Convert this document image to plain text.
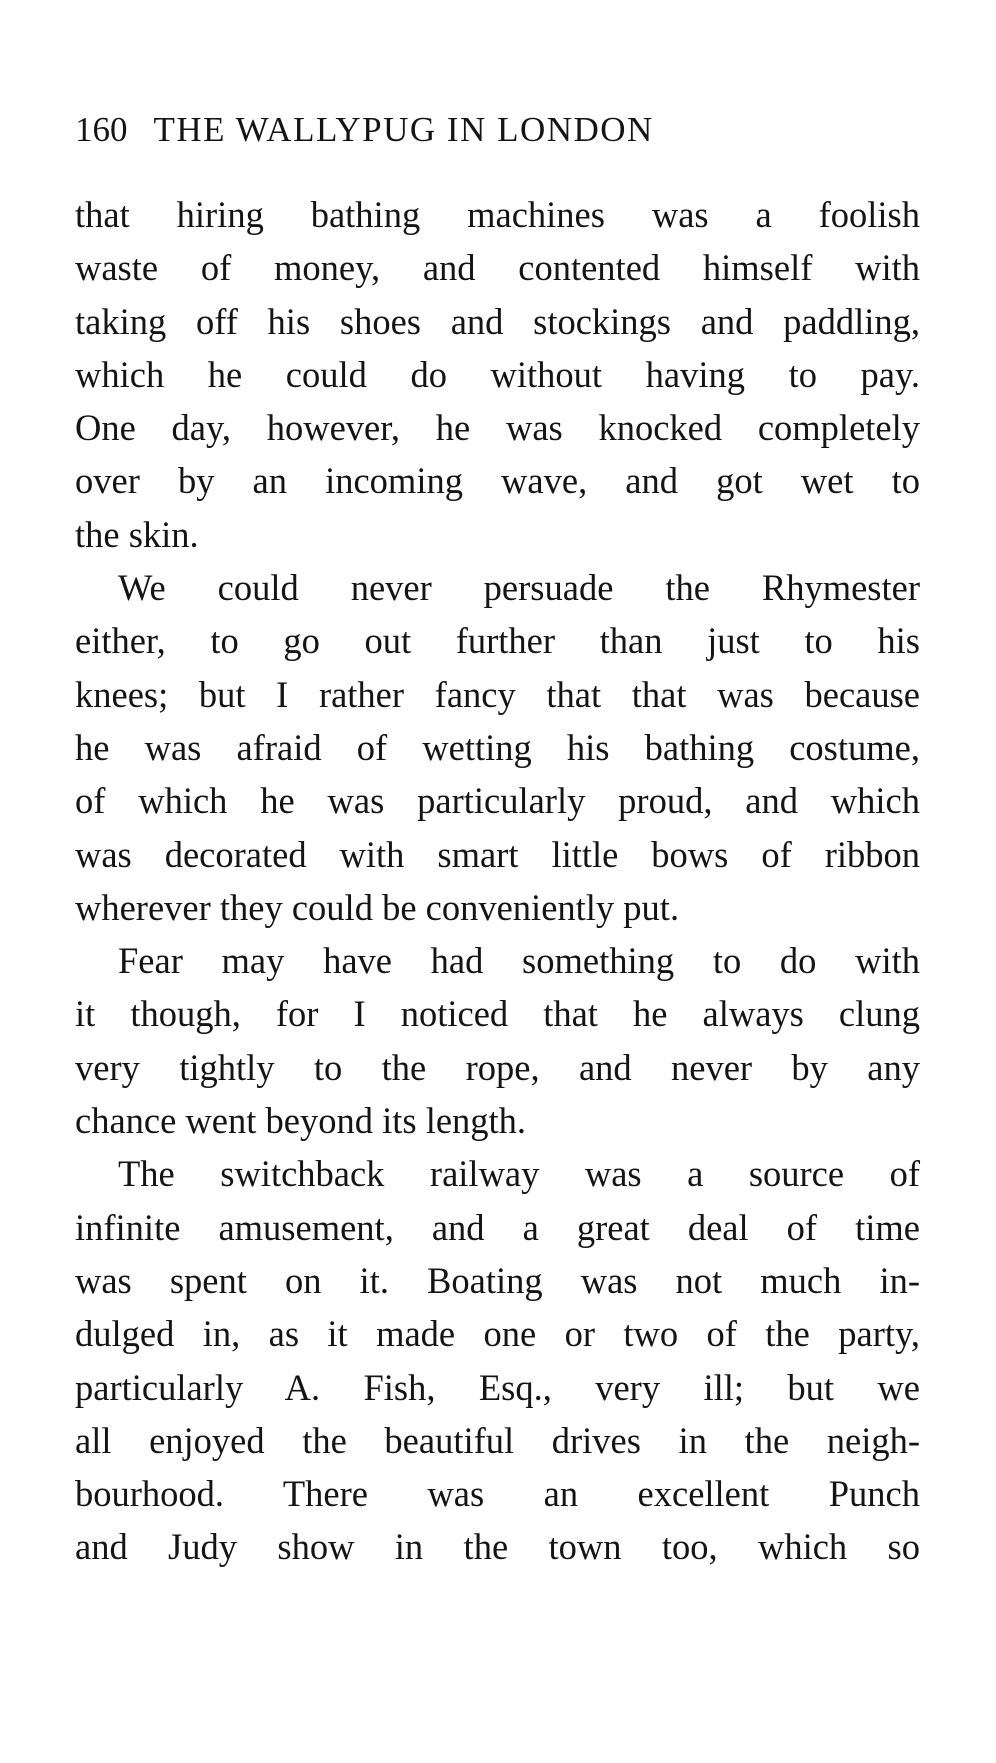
160 THE WALLYPUG IN LONDON
that hiring bathing machines was a foolish
waste of money, and contented himself with
taking off his shoes and stockings and paddling,
which he could do without having to pay.
One day, however, he was knocked completely
over by an incoming wave, and got wet to
the skin.
We could never persuade the Rhymester
either, to go out further than just to his
knees; but I rather fancy that that was because
he was afraid of wetting his bathing costume,
of which he was particularly proud, and which
was decorated with smart little bows of ribbon
wherever they could be conveniently put.
Fear may have had something to do with
it though, for I noticed that he always clung
very tightly to the rope, and never by any
chance went beyond its length.
The switchback railway was a source of
infinite amusement, and a great deal of time
was spent on it. Boating was not much in-
dulged in, as it made one or two of the party,
particularly A. Fish, Esq., very ill; but we
all enjoyed the beautiful drives in the neigh-
bourhood. There was an excellent Punch
and Judy show in the town too, which so
